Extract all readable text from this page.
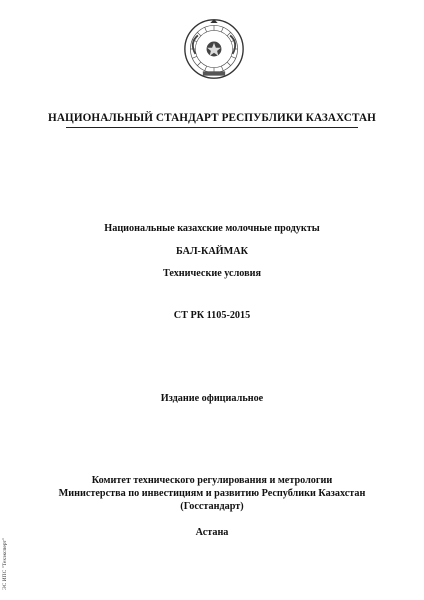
НАЦИОНАЛЬНЫЙ СТАНДАРТ РЕСПУБЛИКИ КАЗАХСТАН
Национальные казахские молочные продукты
БАЛ-КАЙМАК
Технические условия
СТ РК 1105-2015
Издание официальное
Комитет технического регулирования и метрологии
Министерства по инвестициям и развитию Республики Казахстан
(Госстандарт)
Астана
ЭС ИПС "Техэксперт"
